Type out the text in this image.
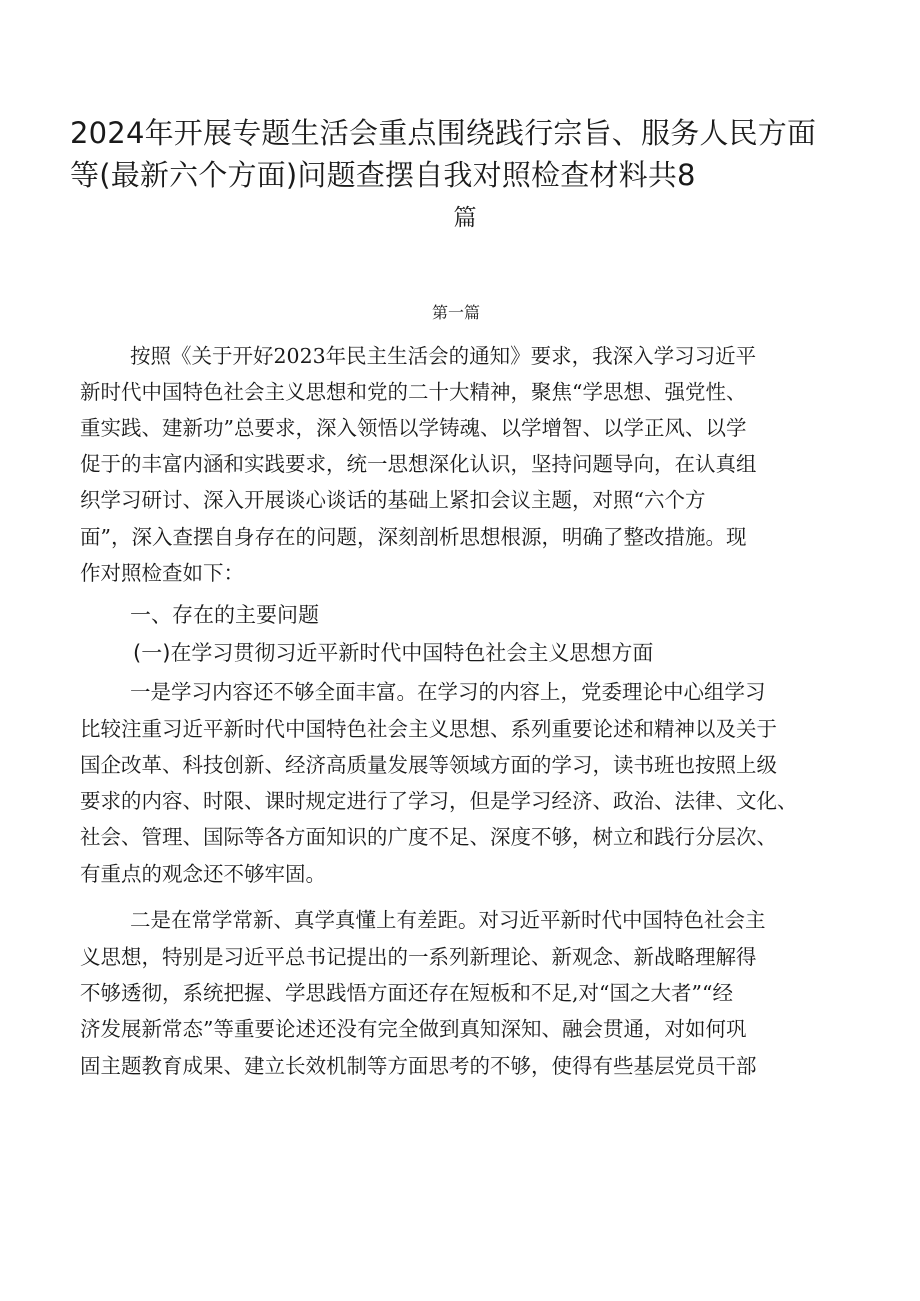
2024年开展专题生活会重点围绕践行宗旨、服务人民方面
等(最新六个方面)问题查摆自我对照检查材料共8
篇
第一篇
按照《关于开好2023年民主生活会的通知》要求，我深入学习习近平
新时代中国特色社会主义思想和党的二十大精神，聚焦“学思想、强党性、
重实践、建新功”总要求，深入领悟以学铸魂、以学增智、以学正风、以学
促于的丰富内涵和实践要求，统一思想深化认识，坚持问题导向，在认真组
织学习研讨、深入开展谈心谈话的基础上紧扣会议主题，对照“六个方
面”，深入查摆自身存在的问题，深刻剖析思想根源，明确了整改措施。现
作对照检查如下：
一、存在的主要问题
(一)在学习贯彻习近平新时代中国特色社会主义思想方面
一是学习内容还不够全面丰富。在学习的内容上，党委理论中心组学习
比较注重习近平新时代中国特色社会主义思想、系列重要论述和精神以及关于
国企改革、科技创新、经济高质量发展等领域方面的学习，读书班也按照上级
要求的内容、时限、课时规定进行了学习，但是学习经济、政治、法律、文化、
社会、管理、国际等各方面知识的广度不足、深度不够，树立和践行分层次、
有重点的观念还不够牢固。
二是在常学常新、真学真懂上有差距。对习近平新时代中国特色社会主
义思想，特别是习近平总书记提出的一系列新理论、新观念、新战略理解得
不够透彻，系统把握、学思践悟方面还存在短板和不足,对“国之大者”“经
济发展新常态”等重要论述还没有完全做到真知深知、融会贯通，对如何巩
固主题教育成果、建立长效机制等方面思考的不够，使得有些基层党员干部
